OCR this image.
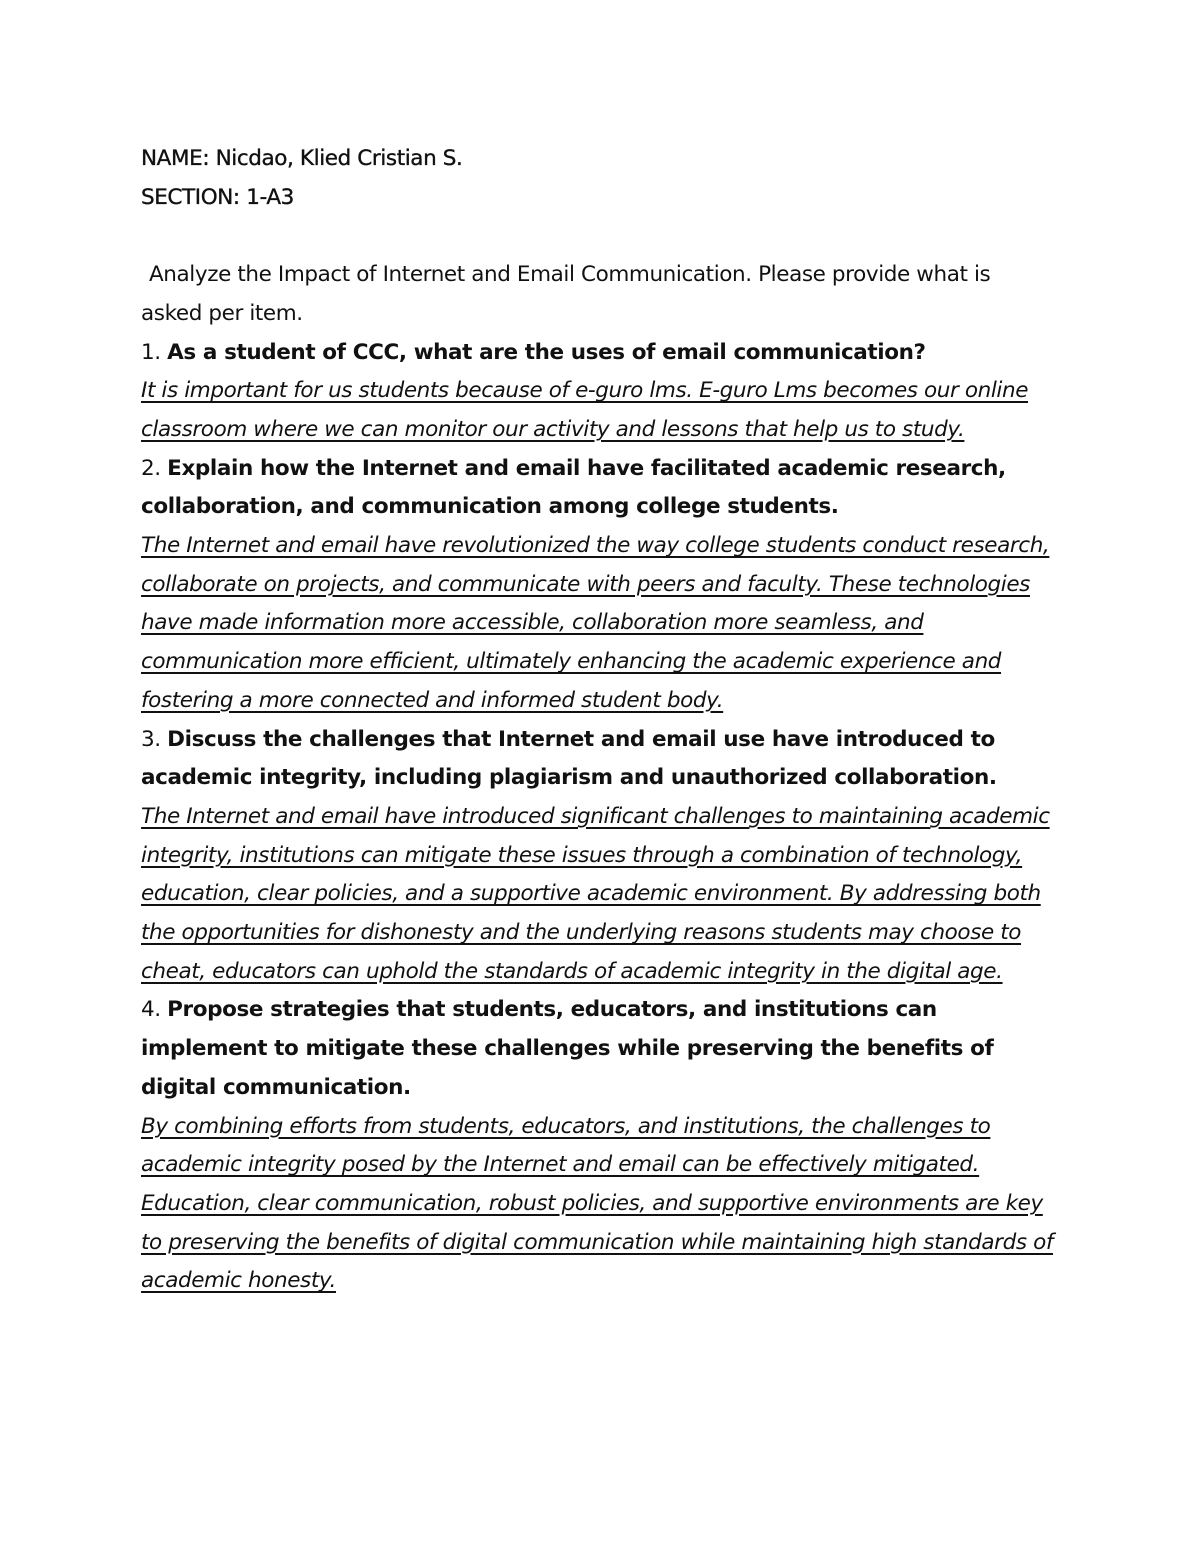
NAME: Nicdao, Klied Cristian S.
SECTION: 1-A3

Analyze the Impact of Internet and Email Communication. Please provide what is asked per item.

1. As a student of CCC, what are the uses of email communication?

It is important for us students because of e-guro lms. E-guro Lms becomes our online classroom where we can monitor our activity and lessons that help us to study.

2. Explain how the Internet and email have facilitated academic research, collaboration, and communication among college students.

The Internet and email have revolutionized the way college students conduct research, collaborate on projects, and communicate with peers and faculty. These technologies have made information more accessible, collaboration more seamless, and communication more efficient, ultimately enhancing the academic experience and fostering a more connected and informed student body.

3. Discuss the challenges that Internet and email use have introduced to academic integrity, including plagiarism and unauthorized collaboration.

The Internet and email have introduced significant challenges to maintaining academic integrity, institutions can mitigate these issues through a combination of technology, education, clear policies, and a supportive academic environment. By addressing both the opportunities for dishonesty and the underlying reasons students may choose to cheat, educators can uphold the standards of academic integrity in the digital age.

4. Propose strategies that students, educators, and institutions can implement to mitigate these challenges while preserving the benefits of digital communication.

By combining efforts from students, educators, and institutions, the challenges to academic integrity posed by the Internet and email can be effectively mitigated. Education, clear communication, robust policies, and supportive environments are key to preserving the benefits of digital communication while maintaining high standards of academic honesty.
